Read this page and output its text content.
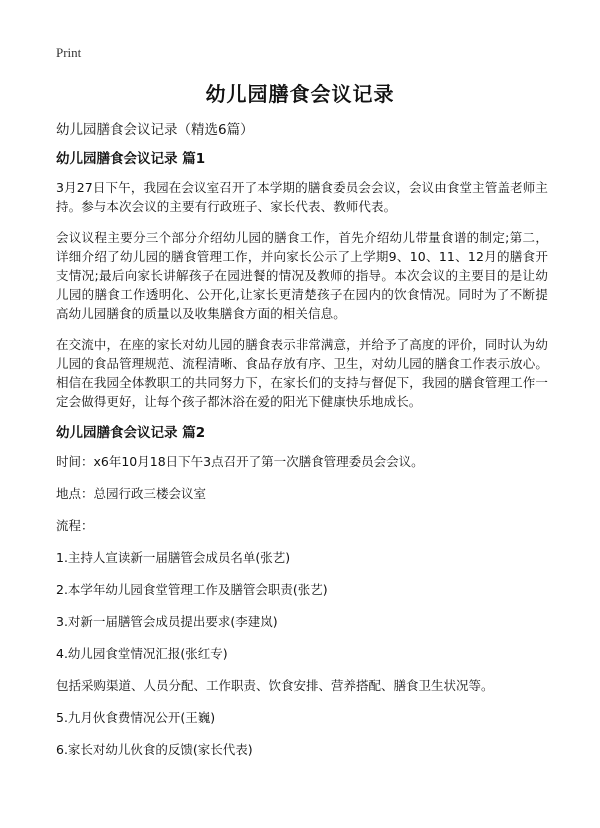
Print
幼儿园膳食会议记录

幼儿园膳食会议记录（精选6篇）

幼儿园膳食会议记录 篇1

3月27日下午，我园在会议室召开了本学期的膳食委员会会议，会议由食堂主管盖老师主持。参与本次会议的主要有行政班子、家长代表、教师代表。

会议议程主要分三个部分介绍幼儿园的膳食工作，首先介绍幼儿带量食谱的制定;第二，详细介绍了幼儿园的膳食管理工作，并向家长公示了上学期9、10、11、12月的膳食开支情况;最后向家长讲解孩子在园进餐的情况及教师的指导。本次会议的主要目的是让幼儿园的膳食工作透明化、公开化,让家长更清楚孩子在园内的饮食情况。同时为了不断提高幼儿园膳食的质量以及收集膳食方面的相关信息。

在交流中，在座的家长对幼儿园的膳食表示非常满意，并给予了高度的评价，同时认为幼儿园的食品管理规范、流程清晰、食品存放有序、卫生，对幼儿园的膳食工作表示放心。相信在我园全体教职工的共同努力下，在家长们的支持与督促下，我园的膳食管理工作一定会做得更好，让每个孩子都沐浴在爱的阳光下健康快乐地成长。

幼儿园膳食会议记录 篇2

时间：x6年10月18日下午3点召开了第一次膳食管理委员会会议。

地点：总园行政三楼会议室

流程：

1.主持人宣读新一届膳管会成员名单(张艺)

2.本学年幼儿园食堂管理工作及膳管会职责(张艺)

3.对新一届膳管会成员提出要求(李建岚)

4.幼儿园食堂情况汇报(张红专)

包括采购渠道、人员分配、工作职责、饮食安排、营养搭配、膳食卫生状况等。

5.九月伙食费情况公开(王巍)

6.家长对幼儿伙食的反馈(家长代表)
